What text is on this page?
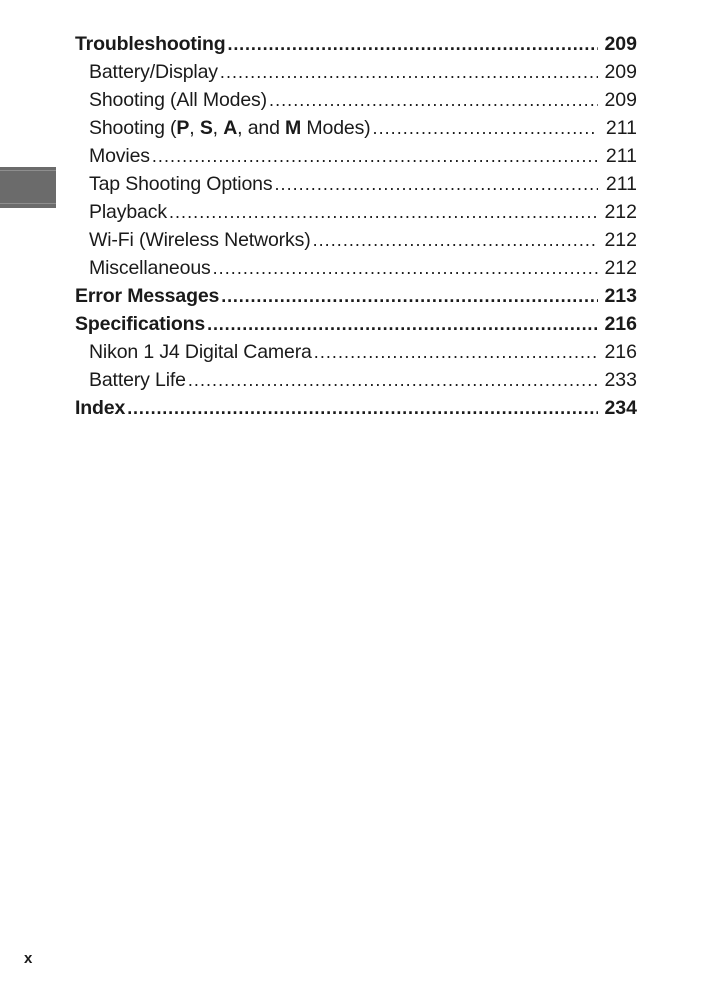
Troubleshooting .....	209
Battery/Display .....	209
Shooting (All Modes) .....	209
Shooting (P, S, A, and M Modes) .....	211
Movies .....	211
Tap Shooting Options .....	211
Playback .....	212
Wi-Fi (Wireless Networks) .....	212
Miscellaneous .....	212
Error Messages .....	213
Specifications .....	216
Nikon 1 J4 Digital Camera .....	216
Battery Life .....	233
Index .....	234
x
